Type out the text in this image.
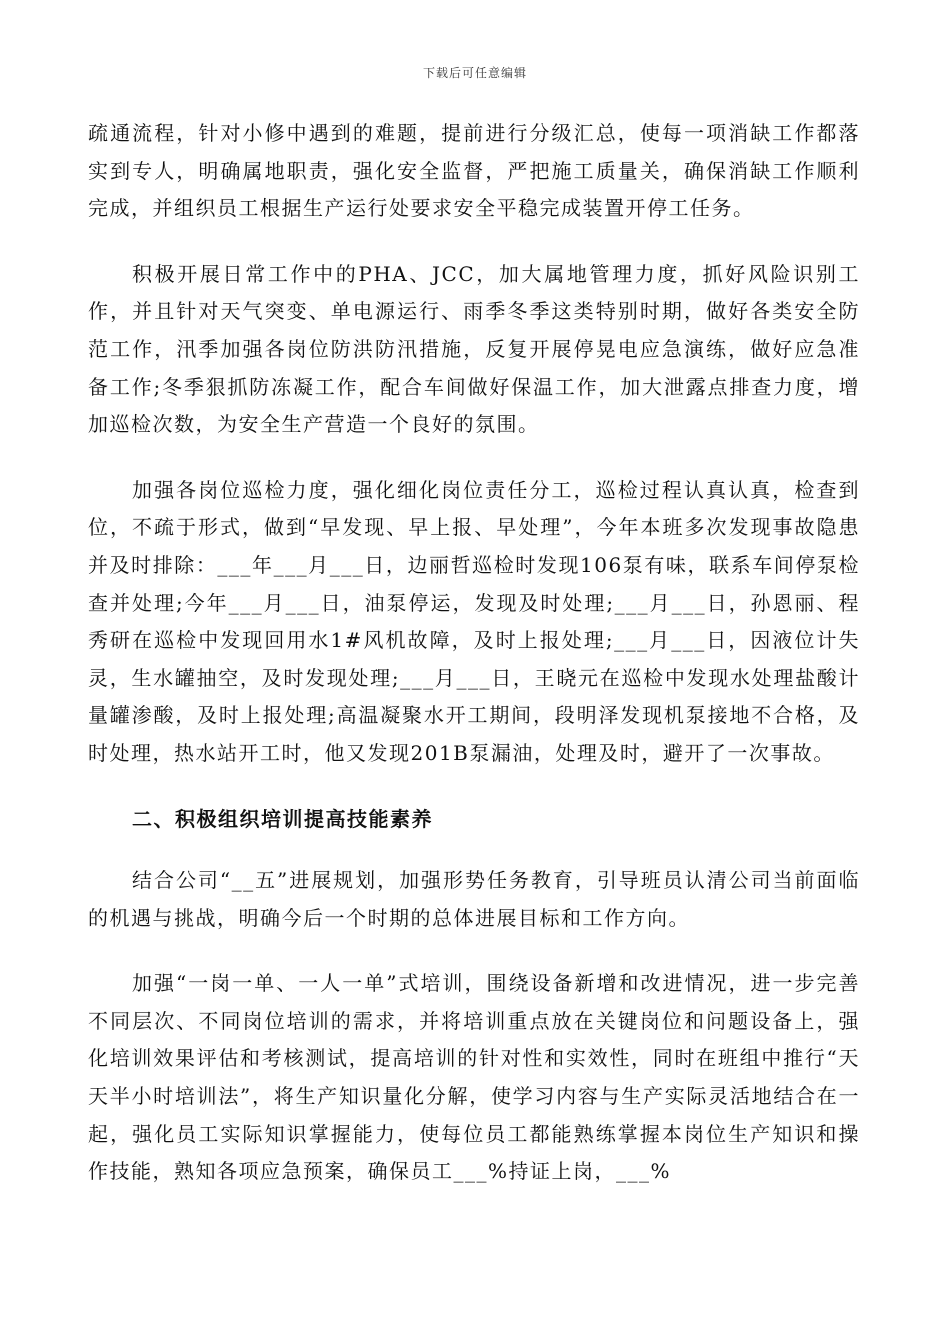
下载后可任意编辑

疏通流程，针对小修中遇到的难题，提前进行分级汇总，使每一项消缺工作都落实到专人，明确属地职责，强化安全监督，严把施工质量关，确保消缺工作顺利完成，并组织员工根据生产运行处要求安全平稳完成装置开停工任务。

积极开展日常工作中的PHA、JCC，加大属地管理力度，抓好风险识别工作，并且针对天气突变、单电源运行、雨季冬季这类特别时期，做好各类安全防范工作，汛季加强各岗位防洪防汛措施，反复开展停晃电应急演练，做好应急准备工作;冬季狠抓防冻凝工作，配合车间做好保温工作，加大泄露点排查力度，增加巡检次数，为安全生产营造一个良好的氛围。

加强各岗位巡检力度，强化细化岗位责任分工，巡检过程认真认真，检查到位，不疏于形式，做到“早发现、早上报、早处理”，今年本班多次发现事故隐患并及时排除：___年___月___日，边丽哲巡检时发现106泵有味，联系车间停泵检查并处理;今年___月___日，油泵停运，发现及时处理;___月___日，孙恩丽、程秀研在巡检中发现回用水1#风机故障，及时上报处理;___月___日，因液位计失灵，生水罐抽空，及时发现处理;___月___日，王晓元在巡检中发现水处理盐酸计量罐渗酸，及时上报处理;高温凝聚水开工期间，段明泽发现机泵接地不合格，及时处理，热水站开工时，他又发现201B泵漏油，处理及时，避开了一次事故。

二、积极组织培训提高技能素养

结合公司“__五”进展规划，加强形势任务教育，引导班员认清公司当前面临的机遇与挑战，明确今后一个时期的总体进展目标和工作方向。

加强“一岗一单、一人一单”式培训，围绕设备新增和改进情况，进一步完善不同层次、不同岗位培训的需求，并将培训重点放在关键岗位和问题设备上，强化培训效果评估和考核测试，提高培训的针对性和实效性，同时在班组中推行“天天半小时培训法”，将生产知识量化分解，使学习内容与生产实际灵活地结合在一起，强化员工实际知识掌握能力，使每位员工都能熟练掌握本岗位生产知识和操作技能，熟知各项应急预案，确保员工___%持证上岗，___%
